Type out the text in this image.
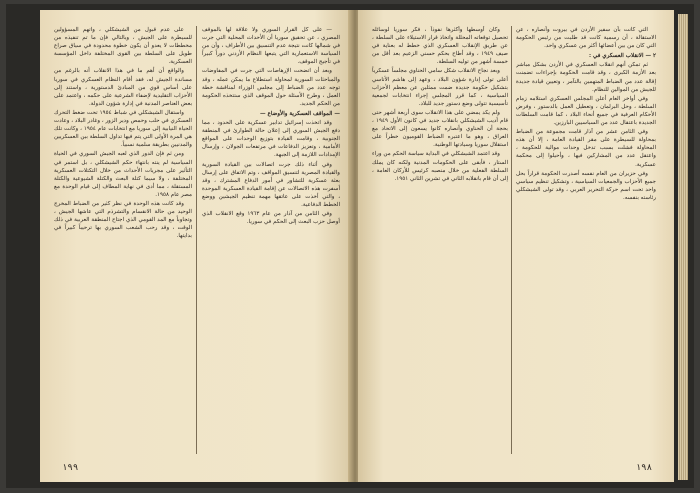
— على كل القرار السوري ولا علاقة لها بالموقف المصري ، عن تحقيق سوريا أن الأحداث المحلية التي جرت في شمالها كانت نتيجة عدم التنسيق بين الأطراف ، وأن من السياسة الاستعمارية التي يتبعها النظام الأردني دوراً كبيراً في تأجيج الموقف.

وبعد أن اتضحت الإرهاصات التي جرت في المفاوضات والمباحثات السورية لمحاولة استطلاع ما يمكن عمله ، وقد توجه عدد من الضباط إلى مجلس الوزراء لمناقشة خطة العمل ، وطرح الأسئلة حول الموقف الذي ستتخذه الحكومة من الحكم الجديد.

— المواقف العسكرية والأوضاع —

وقد اتخذت إسرائيل تدابير عسكرية على الحدود ، مما دفع الجيش السوري إلى إعلان حالة الطوارئ في المنطقة الجنوبية ، وقامت القيادة بتوزيع الوحدات على المواقع الأمامية ، وتعزيز الدفاعات في مرتفعات الجولان ، وإرسال الإمدادات اللازمة إلى الجبهة.

وفي أثناء ذلك جرت اتصالات بين القيادة السورية والقيادة المصرية لتنسيق المواقف ، وتم الاتفاق على إرسال بعثة عسكرية للتشاور في أمور الدفاع المشترك ، وقد أسفرت هذه الاتصالات عن إقامة القيادة العسكرية الموحدة ، والتي أخذت على عاتقها مهمة تنظيم الجيشين ووضع الخطط الدفاعية.

وفي الثامن من آذار من عام ١٩٦٣ وقع الانقلاب الذي أوصل حزب البعث إلى الحكم في سوريا.

على عدم قبول من الشيشكلي ، واتهم المسؤولين للسيطرة على الجيش ، وبالتالي فإن ما تم تنفيذه من مخططات لا يعدو أن يكون خطوة محدودة في سياق صراع طويل على السلطة بين القوى المختلفة داخل المؤسسة العسكرية.

والواقع أن أهم ما في هذا الانقلاب أنه بالرغم من مساندة الجيش له، فقد أقام النظام العسكري في سوريا على أساس قوي من المبادئ الدستورية ، واستند إلى الأحزاب التقليدية لإضفاء الشرعية على حكمه ، واعتمد على بعض العناصر المدنية في إدارة شؤون الدولة.

واستقال الشيشكلي في شباط ١٩٥٤ تحت ضغط التحرك العسكري في حلب وحمص ودير الزور ، وغادر البلاد ، وعادت الحياة النيابية إلى سوريا مع انتخابات عام ١٩٥٤ ، وكانت تلك هي المرة الأولى التي يتم فيها تداول السلطة بين العسكريين والمدنيين بطريقة سلمية نسبياً.

ومن ثم فإن الدور الذي لعبه الجيش السوري في الحياة السياسية لم ينته بانتهاء حكم الشيشكلي ، بل استمر في التأثير على مجريات الأحداث من خلال التكتلات العسكرية المختلفة ، ولا سيما كتلة البعث والكتلة الشيوعية والكتلة المستقلة ، مما أدى في نهاية المطاف إلى قيام الوحدة مع مصر عام ١٩٥٨.

وقد كانت هذه الوحدة في نظر كثير من الضباط المخرج الوحيد من حالة الانقسام والتشرذم التي عاشها الجيش ، وتجاوباً مع المد القومي الذي اجتاح المنطقة العربية في ذلك الوقت ، وقد رحب الشعب السوري بها ترحيباً كبيراً في بدايتها.

١٩٩

التي كانت بأن سفير الأردن في بيروت وأنصاره ، عن الاستقالة ، أن رسمية كانت قد طلبت من رئيس الحكومة التي كان من بين أعضائها أكثر من عسكري واحد.

٢ — الانقلاب العسكري في :

ثم تمكن أنهم انقلاب العسكري في الأردن بشكل مباشر بعد الأزمة الكبرى ، وقد قامت الحكومة بإجراءات تضمنت إقالة عدد من الضباط المتهمين بالتآمر ، وتعيين قيادة جديدة للجيش من الموالين للنظام.

وفي أواخر العام أعلن المجلس العسكري استلامه زمام السلطة ، وحل البرلمان ، وتعطيل العمل بالدستور ، وفرض الأحكام العرفية في جميع أنحاء البلاد ، كما قامت السلطات الجديدة باعتقال عدد من السياسيين البارزين.

وفي الثامن عشر من آذار قامت مجموعة من الضباط بمحاولة للسيطرة على مقر القيادة العامة ، إلا أن هذه المحاولة فشلت بسبب تدخل وحدات موالية للحكومة ، واعتقل عدد من المشاركين فيها ، وأحيلوا إلى محكمة عسكرية.

وفي حزيران من العام نفسه أصدرت الحكومة قراراً بحل جميع الأحزاب والجمعيات السياسية ، وتشكيل تنظيم سياسي واحد تحت اسم حركة التحرير العربي ، وقد تولى الشيشكلي رئاسته بنفسه.

وكان أوسطها وأكثرها نفوذاً ، فكر سوريا لوسائله تحصيل توقعاته المحللة واتخاذ قرار الاستيلاء على السلطة ، عن طريق الإنقلاب العسكري الذي خطط له بعناية في صيف ١٩٤٩ ، وقد أطاح بحكم حسني الزعيم بعد أقل من خمسة أشهر من توليه السلطة.

وبعد نجاح الانقلاب شكل سامي الحناوي مجلساً عسكرياً أعلى تولى إدارة شؤون البلاد ، وعهد إلى هاشم الأتاسي بتشكيل حكومة جديدة ضمت ممثلين عن معظم الأحزاب السياسية ، كما قرر المجلس إجراء انتخابات لجمعية تأسيسية تتولى وضع دستور جديد للبلاد.

ولم يكد يمضي على هذا الانقلاب سوى أربعة أشهر حتى قام أديب الشيشكلي بانقلاب جديد في كانون الأول ١٩٤٩ ، بحجة أن الحناوي وأنصاره كانوا يسعون إلى الاتحاد مع العراق ، وهو ما اعتبره الضباط القوميون خطراً على استقلال سوريا وسيادتها الوطنية.

وقد اعتمد الشيشكلي في البداية سياسة الحكم من وراء الستار ، فأبقى على الحكومات المدنية ولكنه كان يملك السلطة الفعلية من خلال منصبه كرئيس للأركان العامة ، إلى أن قام بانقلابه الثاني في تشرين الثاني ١٩٥١.

١٩٨
